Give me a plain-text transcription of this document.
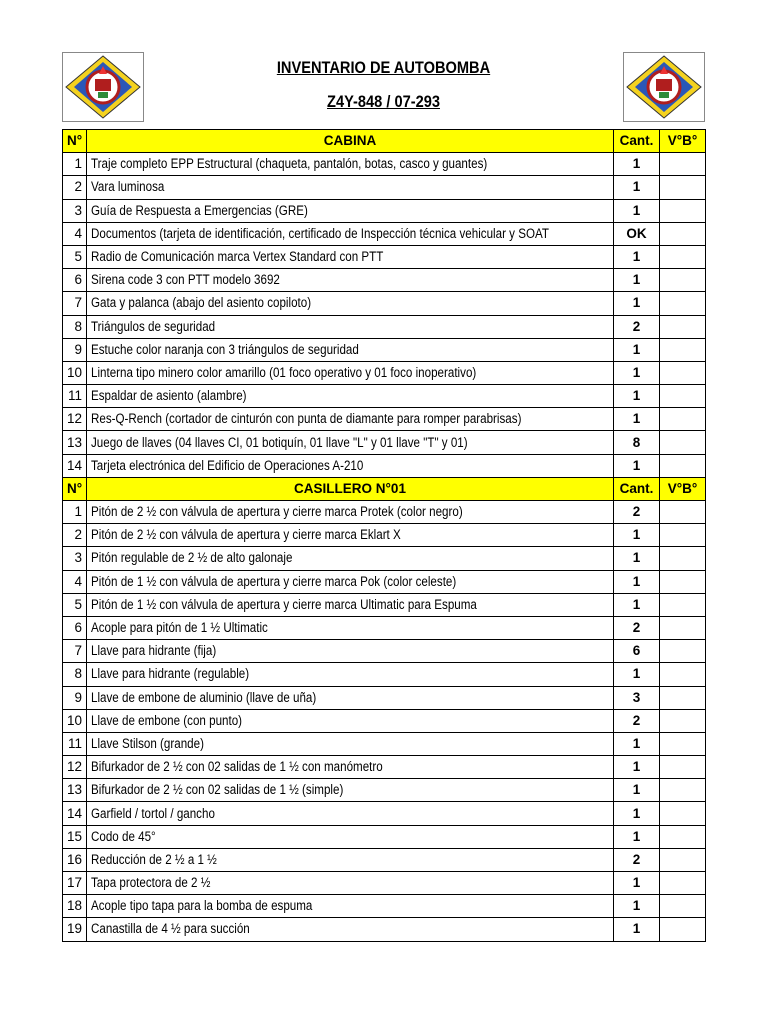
INVENTARIO DE AUTOBOMBA
Z4Y-848 / 07-293
N°	CABINA	Cant.	V°B°
1	Traje completo EPP Estructural (chaqueta, pantalón, botas, casco y guantes)	1	
2	Vara luminosa	1	
3	Guía de Respuesta a Emergencias (GRE)	1	
4	Documentos (tarjeta de identificación, certificado de Inspección técnica vehicular y SOAT	OK	
5	Radio de Comunicación marca Vertex Standard con PTT	1	
6	Sirena code 3 con PTT modelo 3692	1	
7	Gata y palanca (abajo del asiento copiloto)	1	
8	Triángulos de seguridad	2	
9	Estuche color naranja con 3 triángulos de seguridad	1	
10	Linterna tipo minero color amarillo (01 foco operativo y 01 foco inoperativo)	1	
11	Espaldar de asiento (alambre)	1	
12	Res-Q-Rench (cortador de cinturón con punta de diamante para romper parabrisas)	1	
13	Juego de llaves (04 llaves CI, 01 botiquín, 01 llave "L" y 01 llave "T" y 01)	8	
14	Tarjeta electrónica del Edificio de Operaciones A-210	1	
N°	CASILLERO N°01	Cant.	V°B°
1	Pitón de 2 ½ con válvula de apertura y cierre marca Protek (color negro)	2	
2	Pitón de 2 ½ con válvula de apertura y cierre marca Eklart X	1	
3	Pitón regulable de 2 ½ de alto galonaje	1	
4	Pitón de 1 ½ con válvula de apertura y cierre marca Pok (color celeste)	1	
5	Pitón de 1 ½ con válvula de apertura y cierre marca Ultimatic para Espuma	1	
6	Acople para pitón de 1 ½ Ultimatic	2	
7	Llave para hidrante (fija)	6	
8	Llave para hidrante (regulable)	1	
9	Llave de embone de aluminio (llave de uña)	3	
10	Llave de embone (con punto)	2	
11	Llave Stilson (grande)	1	
12	Bifurkador de 2 ½ con 02 salidas de 1 ½ con manómetro	1	
13	Bifurkador de 2 ½ con 02 salidas de 1 ½ (simple)	1	
14	Garfield / tortol / gancho	1	
15	Codo de 45°	1	
16	Reducción de 2 ½ a 1 ½	2	
17	Tapa protectora de 2 ½	1	
18	Acople tipo tapa para la bomba de espuma	1	
19	Canastilla de 4 ½ para succión	1	
